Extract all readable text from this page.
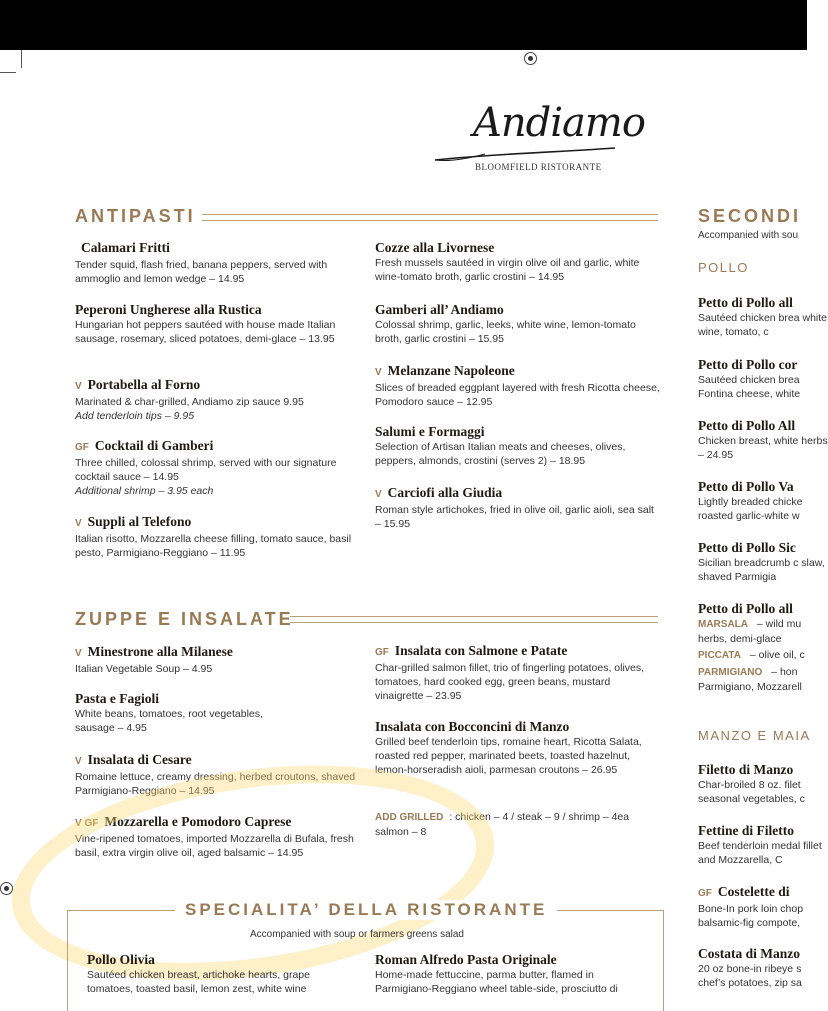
Andiamo
BLOOMFIELD RISTORANTE
ANTIPASTI
Calamari Fritti
Tender squid, flash fried, banana peppers, served with ammoglio and lemon wedge – 14.95
Peperoni Ungherese alla Rustica
Hungarian hot peppers sautéed with house made Italian sausage, rosemary, sliced potatoes, demi-glace – 13.95
V Portabella al Forno
Marinated & char-grilled, Andiamo zip sauce 9.95
Add tenderloin tips – 9.95
GF Cocktail di Gamberi
Three chilled, colossal shrimp, served with our signature cocktail sauce – 14.95
Additional shrimp – 3.95 each
V Suppli al Telefono
Italian risotto, Mozzarella cheese filling, tomato sauce, basil pesto, Parmigiano-Reggiano – 11.95
Cozze alla Livornese
Fresh mussels sautéed in virgin olive oil and garlic, white wine-tomato broth, garlic crostini – 14.95
Gamberi all’ Andiamo
Colossal shrimp, garlic, leeks, white wine, lemon-tomato broth, garlic crostini – 15.95
V Melanzane Napoleone
Slices of breaded eggplant layered with fresh Ricotta cheese, Pomodoro sauce – 12.95
Salumi e Formaggi
Selection of Artisan Italian meats and cheeses, olives, peppers, almonds, crostini (serves 2) – 18.95
V Carciofi alla Giudia
Roman style artichokes, fried in olive oil, garlic aioli, sea salt – 15.95
ZUPPE E INSALATE
V Minestrone alla Milanese
Italian Vegetable Soup – 4.95
Pasta e Fagioli
White beans, tomatoes, root vegetables, sausage – 4.95
V Insalata di Cesare
Romaine lettuce, creamy dressing, herbed croutons, shaved Parmigiano-Reggiano – 14.95
V GF Mozzarella e Pomodoro Caprese
Vine-ripened tomatoes, imported Mozzarella di Bufala, fresh basil, extra virgin olive oil, aged balsamic – 14.95
GF Insalata con Salmone e Patate
Char-grilled salmon fillet, trio of fingerling potatoes, olives, tomatoes, hard cooked egg, green beans, mustard vinaigrette – 23.95
Insalata con Bocconcini di Manzo
Grilled beef tenderloin tips, romaine heart, Ricotta Salata, roasted red pepper, marinated beets, toasted hazelnut, lemon-horseradish aioli, parmesan croutons – 26.95
ADD GRILLED : chicken – 4 / steak – 9 / shrimp – 4ea salmon – 8
SPECIALITA’ DELLA RISTORANTE
Accompanied with soup or farmers greens salad
Pollo Olivia
Sautéed chicken breast, artichoke hearts, grape tomatoes, toasted basil, lemon zest, white wine
Roman Alfredo Pasta Originale
Home-made fettuccine, parma butter, flamed in Parmigiano-Reggiano wheel table-side, prosciutto di
SECONDI
Accompanied with sou
POLLO
Petto di Pollo all
Sautéed chicken brea white wine, tomato, c
Petto di Pollo cor
Sautéed chicken brea Fontina cheese, white
Petto di Pollo All
Chicken breast, white herbs – 24.95
Petto di Pollo Va
Lightly breaded chicke roasted garlic-white w
Petto di Pollo Sic
Sicilian breadcrumb c slaw, shaved Parmigia
Petto di Pollo all
MARSALA – wild mu herbs, demi-glace
PICCATA – olive oil, c
PARMIGIANO – hon Parmigiano, Mozzarell
MANZO E MAIA
Filetto di Manzo
Char-broiled 8 oz. filet seasonal vegetables, c
Fettine di Filetto
Beef tenderloin medal fillet and Mozzarella, C
GF Costelette di
Bone-In pork loin chop balsamic-fig compote,
Costata di Manzo
20 oz bone-in ribeye s chef’s potatoes, zip sa
